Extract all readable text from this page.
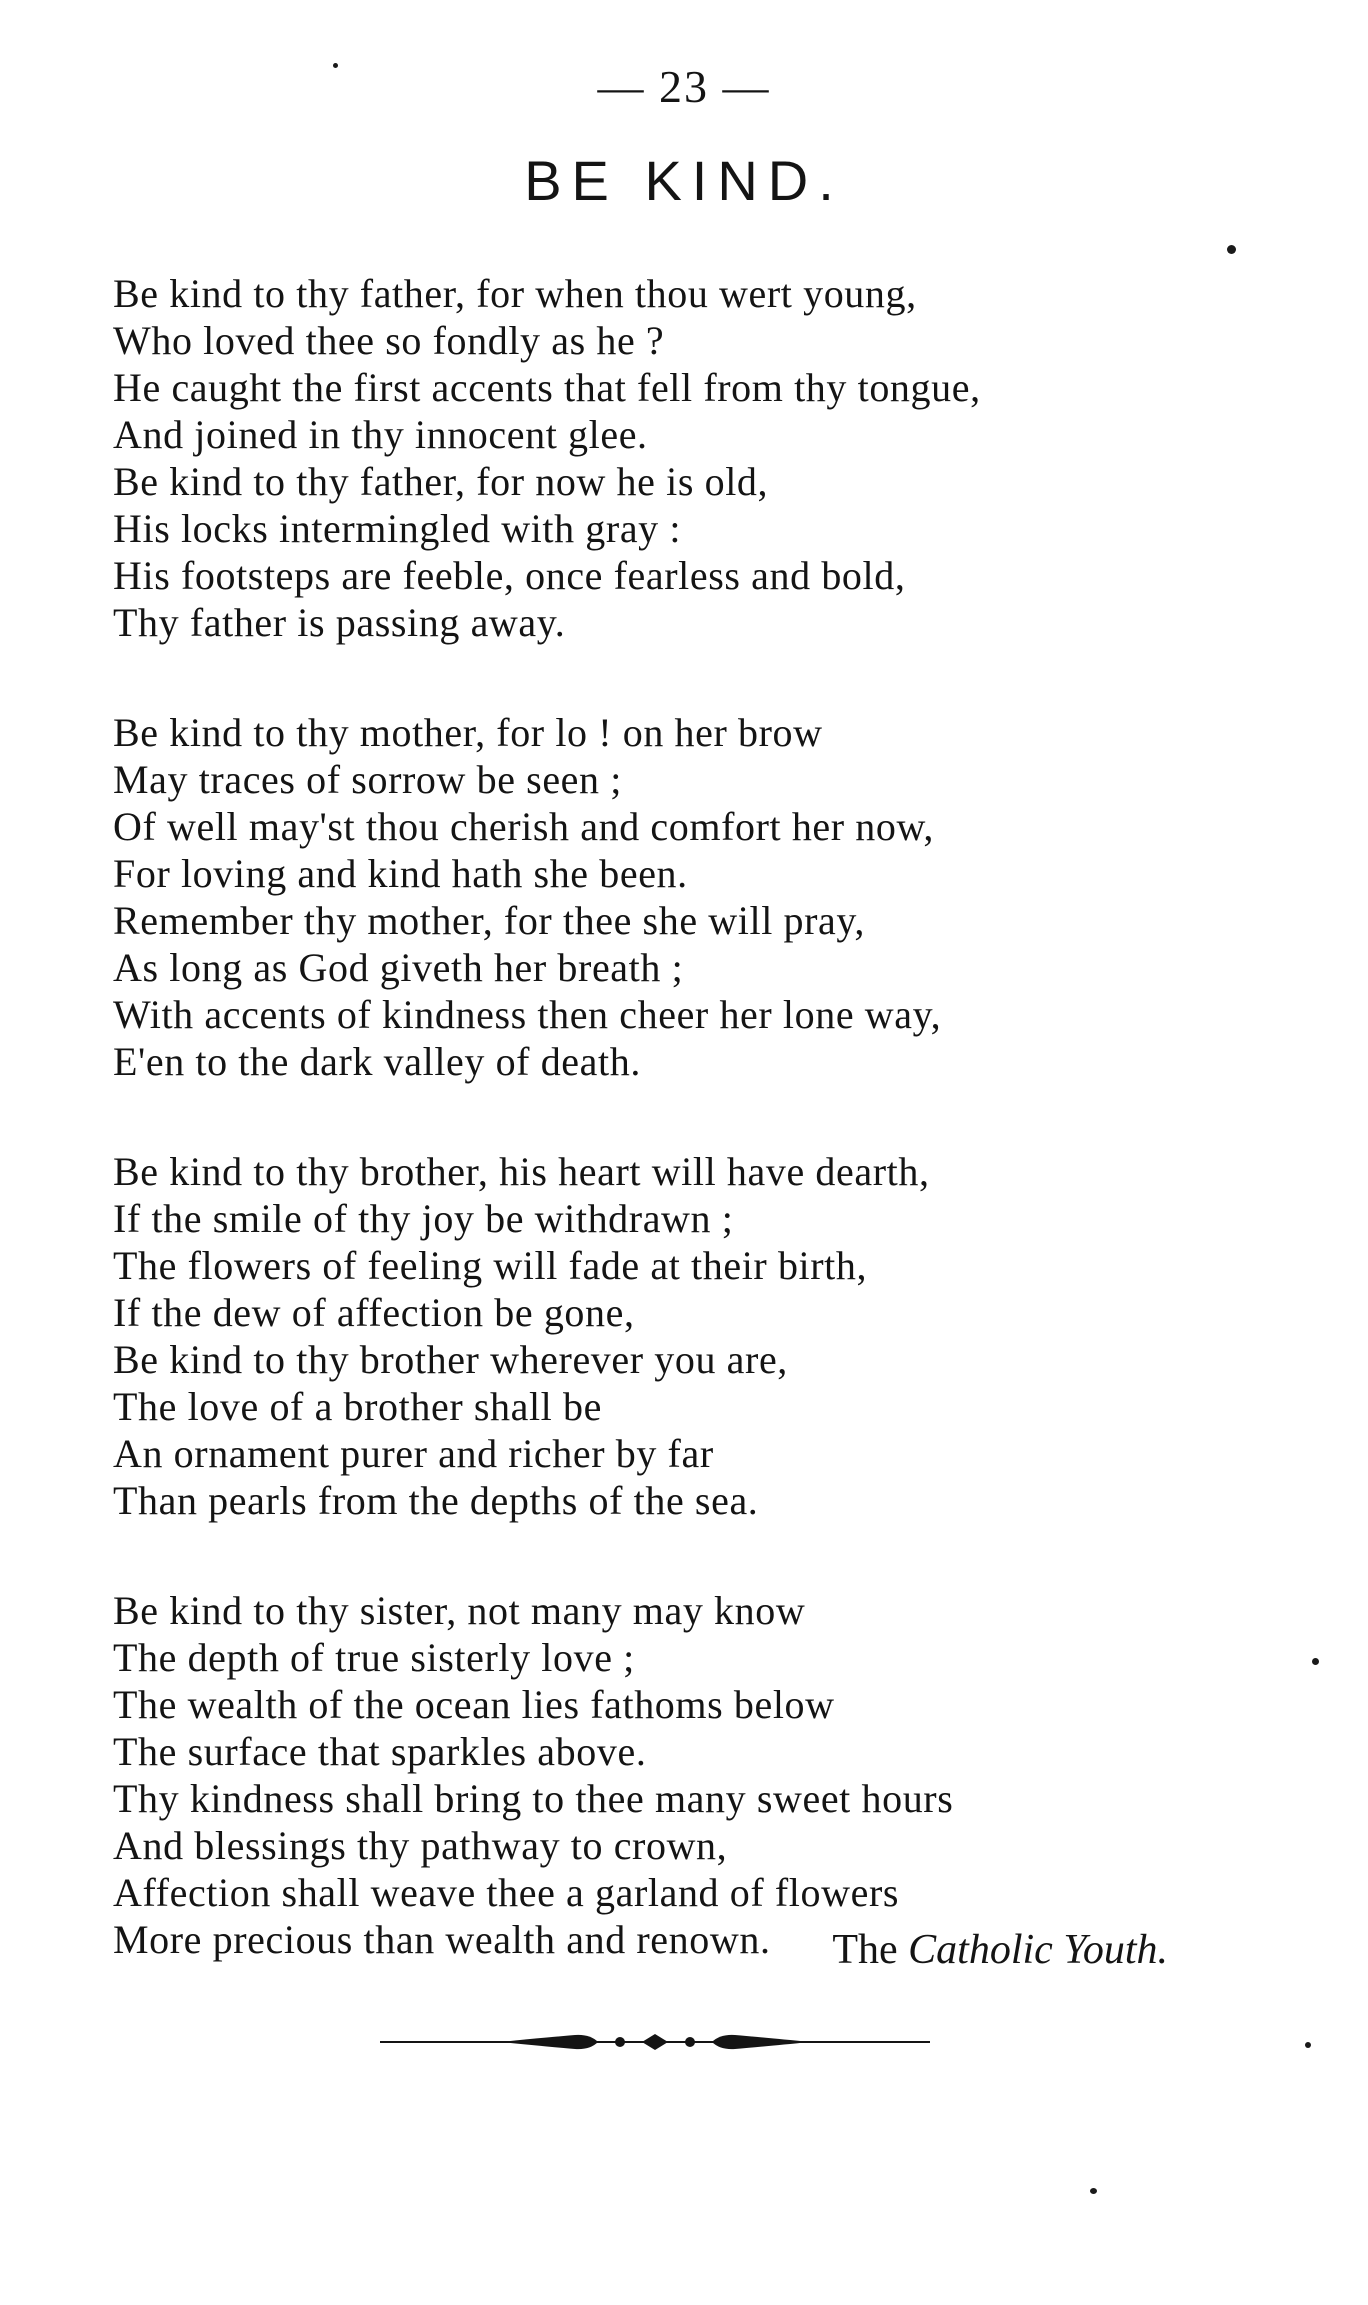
— 23 —
BE KIND.
Be kind to thy father, for when thou wert young,
Who loved thee so fondly as he ?
He caught the first accents that fell from thy tongue,
And joined in thy innocent glee.
Be kind to thy father, for now he is old,
His locks intermingled with gray :
His footsteps are feeble, once fearless and bold,
Thy father is passing away.
Be kind to thy mother, for lo ! on her brow
May traces of sorrow be seen ;
Of well may'st thou cherish and comfort her now,
For loving and kind hath she been.
Remember thy mother, for thee she will pray,
As long as God giveth her breath ;
With accents of kindness then cheer her lone way,
E'en to the dark valley of death.
Be kind to thy brother, his heart will have dearth,
If the smile of thy joy be withdrawn ;
The flowers of feeling will fade at their birth,
If the dew of affection be gone,
Be kind to thy brother wherever you are,
The love of a brother shall be
An ornament purer and richer by far
Than pearls from the depths of the sea.
Be kind to thy sister, not many may know
The depth of true sisterly love ;
The wealth of the ocean lies fathoms below
The surface that sparkles above.
Thy kindness shall bring to thee many sweet hours
And blessings thy pathway to crown,
Affection shall weave thee a garland of flowers
More precious than wealth and renown.	The Catholic Youth.
